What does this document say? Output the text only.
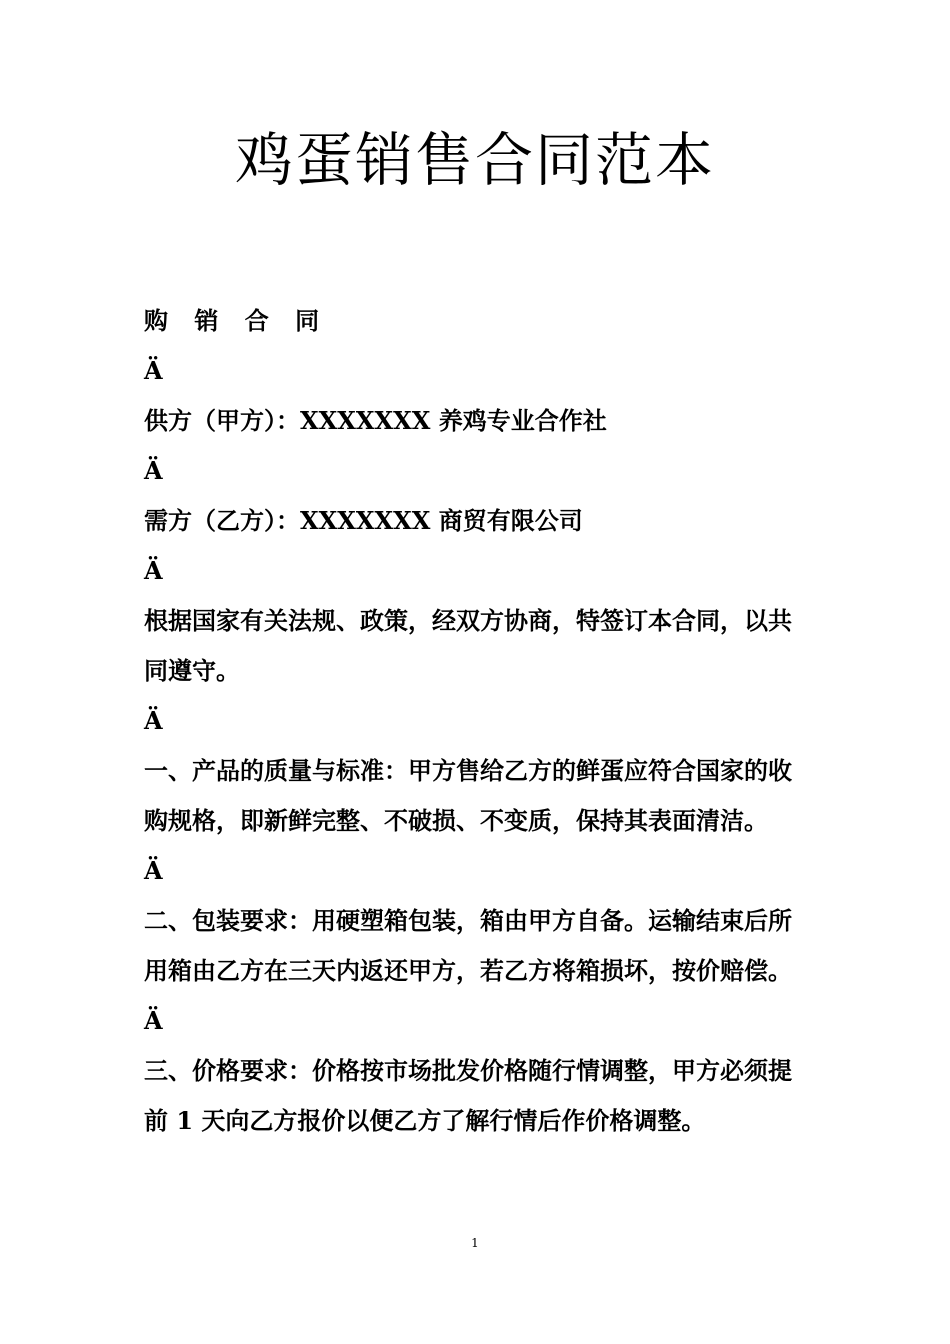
鸡蛋销售合同范本

购 销 合 同

Ä

供方（甲方）：XXXXXXX 养鸡专业合作社

Ä

需方（乙方）：XXXXXXX 商贸有限公司

Ä

根据国家有关法规、政策，经双方协商，特签订本合同，以共同遵守。

Ä

一、产品的质量与标准：甲方售给乙方的鲜蛋应符合国家的收购规格，即新鲜完整、不破损、不变质，保持其表面清洁。

Ä

二、包装要求：用硬塑箱包装，箱由甲方自备。运输结束后所用箱由乙方在三天内返还甲方，若乙方将箱损坏，按价赔偿。

Ä

三、价格要求：价格按市场批发价格随行情调整，甲方必须提前 1 天向乙方报价以便乙方了解行情后作价格调整。

1
